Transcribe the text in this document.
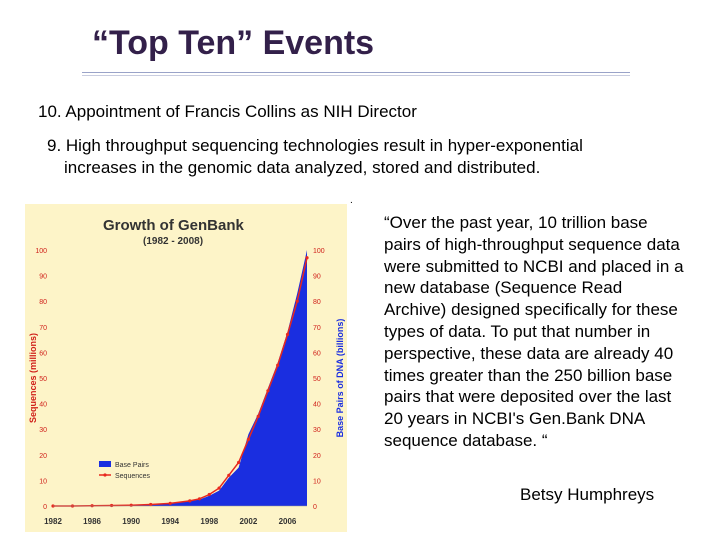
“Top Ten” Events
10. Appointment of Francis Collins as NIH Director
9. High throughput sequencing technologies result in hyper-exponential
increases in the genomic data analyzed, stored and distributed.
.
Growth of GenBank
(1982 - 2008)
0	0
10	10
20	20
30	30
40	40
50	50
60	60
70	70
80	80
90	90
100	100
1982	1986	1990	1994	1998	2002	2006
Sequences (millions)	Base Pairs of DNA (billions)
Base Pairs
Sequences
“Over the past year, 10 trillion base pairs of high-throughput sequence data were submitted to NCBI and placed in a new database (Sequence Read Archive) designed specifically for these types of data. To put that number in perspective, these data are already 40 times greater than the 250 billion base pairs that were deposited over the last 20 years in NCBI's Gen.Bank DNA sequence database. “
Betsy Humphreys
